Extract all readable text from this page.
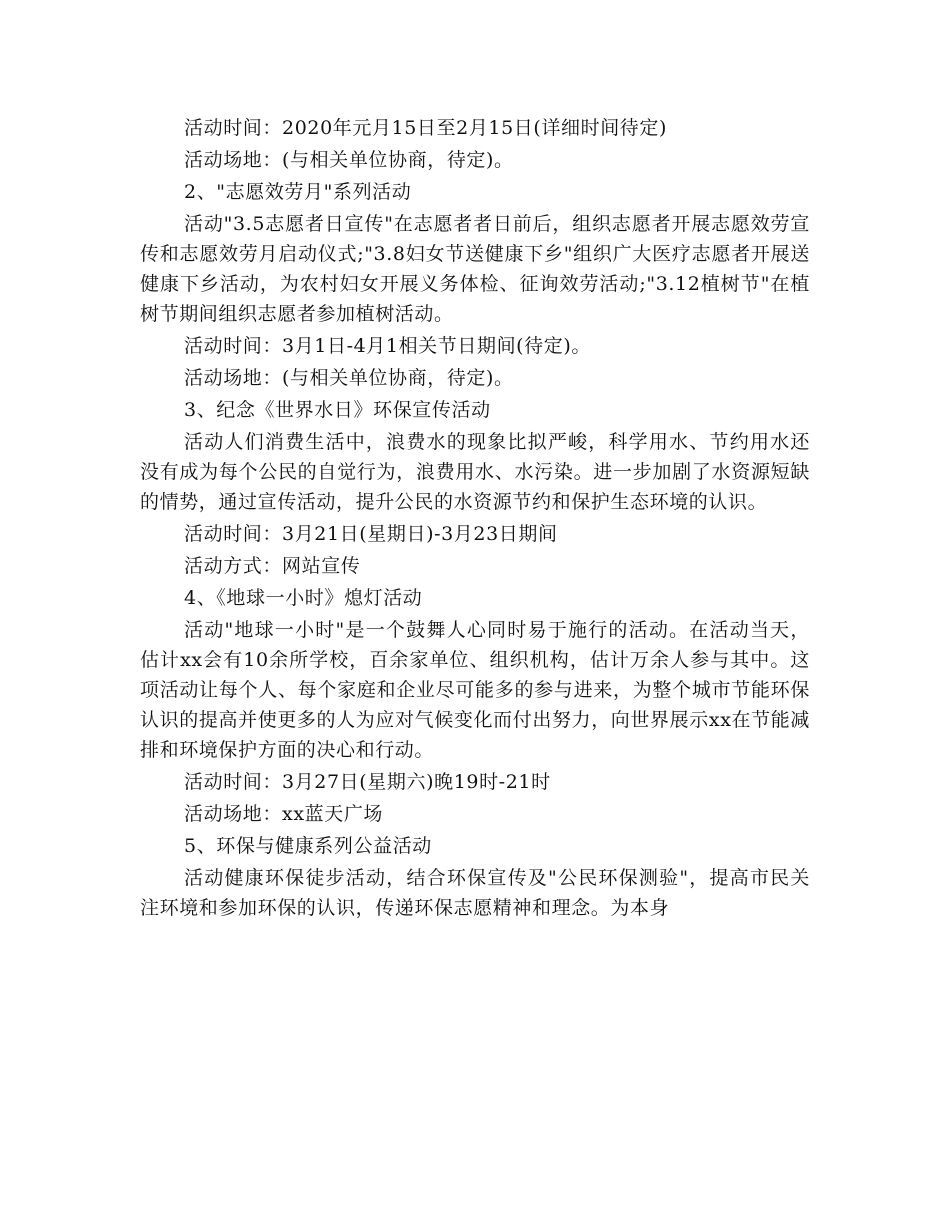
活动时间：2020年元月15日至2月15日(详细时间待定)

活动场地：(与相关单位协商，待定)。

2、"志愿效劳月"系列活动

活动"3.5志愿者日宣传"在志愿者者日前后，组织志愿者开展志愿效劳宣传和志愿效劳月启动仪式;"3.8妇女节送健康下乡"组织广大医疗志愿者开展送健康下乡活动，为农村妇女开展义务体检、征询效劳活动;"3.12植树节"在植树节期间组织志愿者参加植树活动。

活动时间：3月1日-4月1相关节日期间(待定)。

活动场地：(与相关单位协商，待定)。

3、纪念《世界水日》环保宣传活动

活动人们消费生活中，浪费水的现象比拟严峻，科学用水、节约用水还没有成为每个公民的自觉行为，浪费用水、水污染。进一步加剧了水资源短缺的情势，通过宣传活动，提升公民的水资源节约和保护生态环境的认识。

活动时间：3月21日(星期日)-3月23日期间

活动方式：网站宣传

4、《地球一小时》熄灯活动

活动"地球一小时"是一个鼓舞人心同时易于施行的活动。在活动当天，估计xx会有10余所学校，百余家单位、组织机构，估计万余人参与其中。这项活动让每个人、每个家庭和企业尽可能多的参与进来，为整个城市节能环保认识的提高并使更多的人为应对气候变化而付出努力，向世界展示xx在节能减排和环境保护方面的决心和行动。

活动时间：3月27日(星期六)晚19时-21时

活动场地：xx蓝天广场

5、环保与健康系列公益活动

活动健康环保徒步活动，结合环保宣传及"公民环保测验"，提高市民关注环境和参加环保的认识，传递环保志愿精神和理念。为本身
